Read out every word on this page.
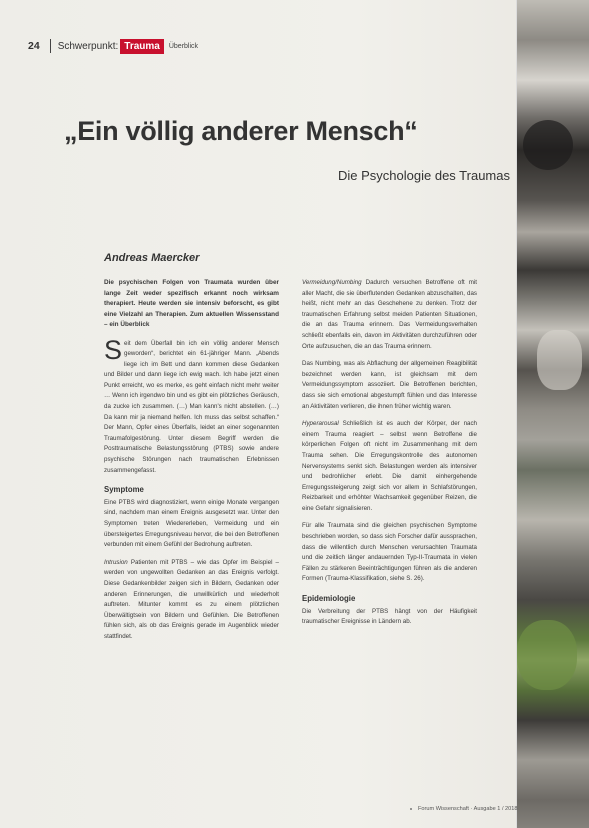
24 Schwerpunkt: Trauma	Überblick
„Ein völlig anderer Mensch“
Die Psychologie des Traumas
Andreas Maercker

Die psychischen Folgen von Traumata wurden über lange Zeit weder spezifisch erkannt noch wirksam therapiert. Heute werden sie intensiv beforscht, es gibt eine Vielzahl an Therapien. Zum aktuellen Wissensstand – ein Überblick

Seit dem Überfall bin ich ein völlig anderer Mensch geworden“, berichtet ein 61-jähriger Mann. „Abends liege ich im Bett und dann kommen diese Gedanken und Bilder und dann liege ich ewig wach. Ich habe jetzt einen Punkt erreicht, wo es merke, es geht einfach nicht mehr weiter … Wenn ich irgendwo bin und es gibt ein plötzliches Geräusch, da zucke ich zusammen. (…) Man kann's nicht abstellen. (…) Da kann mir ja niemand helfen. Ich muss das selbst schaffen.“ Der Mann, Opfer eines Überfalls, leidet an einer sogenannten Traumafolgestörung. Unter diesem Begriff werden die Posttraumatische Belastungsstörung (PTBS) sowie andere psychische Störungen nach traumatischen Erlebnissen zusammengefasst.

Symptome

Eine PTBS wird diagnostiziert, wenn einige Monate vergangen sind, nachdem man einem Ereignis ausgesetzt war. Unter den Symptomen treten Wiedererleben, Vermeidung und ein übersteigertes Erregungsniveau hervor, die bei den Betroffenen verbunden mit einem Gefühl der Bedrohung auftreten.

Intrusion Patienten mit PTBS – wie das Opfer im Beispiel – werden von ungewollten Gedanken an das Ereignis verfolgt. Diese Gedankenbilder zeigen sich in Bildern, Gedanken oder anderen Erinnerungen, die unwillkürlich und wiederholt auftreten. Mitunter kommt es zu einem plötzlichen Überwältigtsein von Bildern und Gefühlen. Die Betroffenen fühlen sich, als ob das Ereignis gerade im Augenblick wieder stattfindet.

Vermeidung/Numbing Dadurch versuchen Betroffene oft mit aller Macht, die sie überflutenden Gedanken abzuschalten, das heißt, nicht mehr an das Geschehene zu denken. Trotz der traumatischen Erfahrung selbst meiden Patienten Situationen, die an das Trauma erinnern. Das Vermeidungsverhalten schließt ebenfalls ein, davon im Aktivitäten durchzuführen oder Orte aufzusuchen, die an das Trauma erinnern.

Das Numbing, was als Abflachung der allgemeinen Reagibilität bezeichnet werden kann, ist gleichsam mit dem Vermeidungssymptom assoziiert. Die Betroffenen berichten, dass sie sich emotional abgestumpft fühlen und das Interesse an Aktivitäten verlieren, die ihnen früher wichtig waren.

Hyperarousal Schließlich ist es auch der Körper, der nach einem Trauma reagiert – selbst wenn Betroffene die körperlichen Folgen oft nicht im Zusammenhang mit dem Trauma sehen. Die Erregungskontrolle des autonomen Nervensystems senkt sich. Belastungen werden als intensiver und bedrohlicher erlebt. Die damit einhergehende Erregungssteigerung zeigt sich vor allem in Schlafstörungen, Reizbarkeit und erhöhter Wachsamkeit gegenüber Reizen, die eine Gefahr signalisieren.

Für alle Traumata sind die gleichen psychischen Symptome beschrieben worden, so dass sich Forscher dafür aussprachen, dass die willentlich durch Menschen verursachten Traumata und die zeitlich länger andauernden Typ-II-Traumata in vielen Fällen zu stärkeren Beeinträchtigungen führen als die anderen Formen (Trauma-Klassifikation, siehe S. 26).

Epidemiologie

Die Verbreitung der PTBS hängt von der Häufigkeit traumatischer Ereignisse in Ländern ab.

Forum Wissenschaft · Ausgabe 1 / 2018
